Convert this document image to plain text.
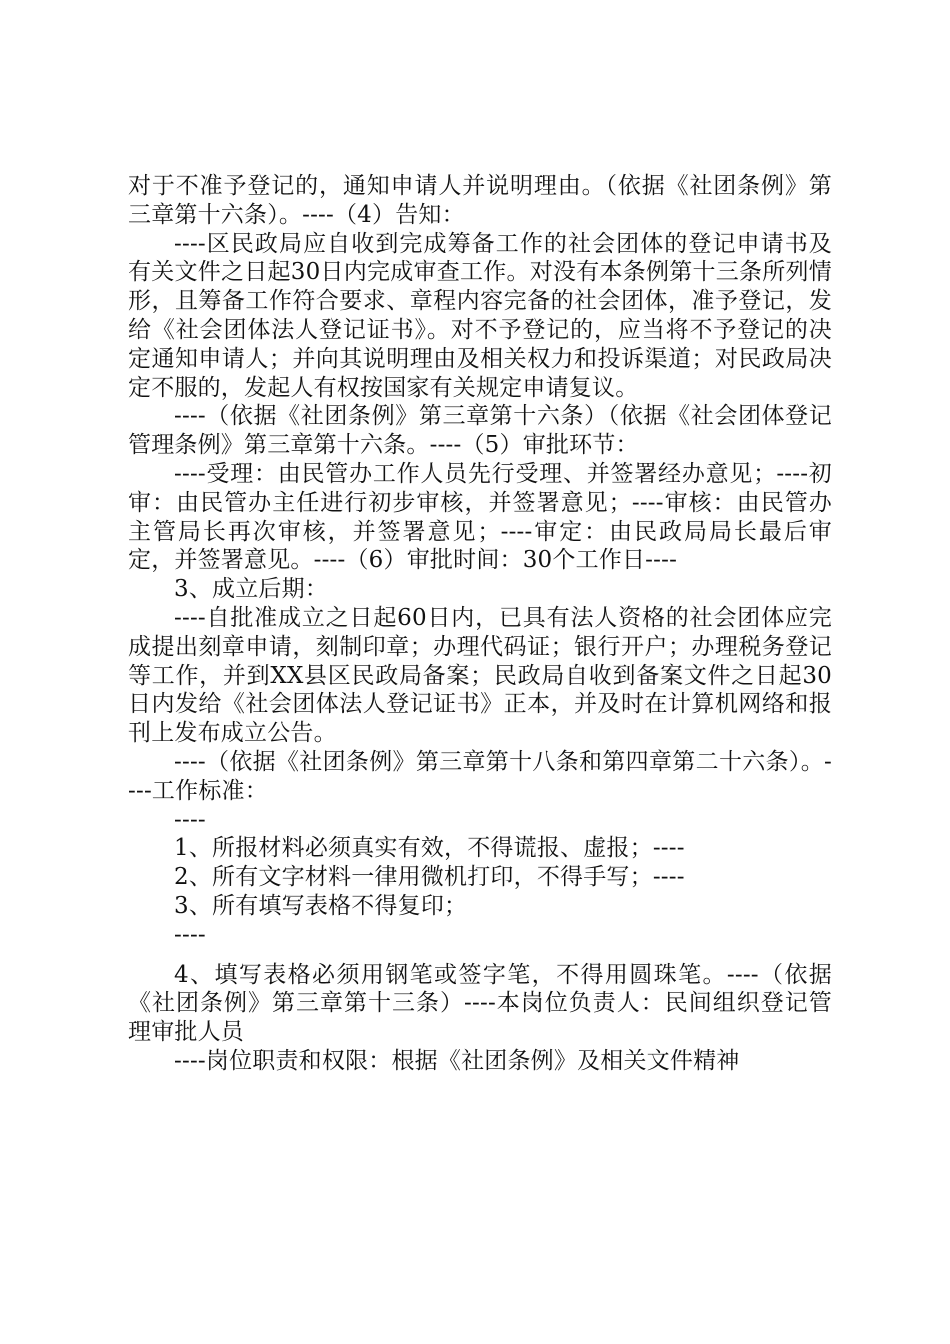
对于不准予登记的，通知申请人并说明理由。（依据《社团条例》第三章第十六条）。----（4）告知：

----区民政局应自收到完成筹备工作的社会团体的登记申请书及有关文件之日起30日内完成审查工作。对没有本条例第十三条所列情形，且筹备工作符合要求、章程内容完备的社会团体，准予登记，发给《社会团体法人登记证书》。对不予登记的，应当将不予登记的决定通知申请人；并向其说明理由及相关权力和投诉渠道；对民政局决定不服的，发起人有权按国家有关规定申请复议。

----（依据《社团条例》第三章第十六条）（依据《社会团体登记管理条例》第三章第十六条。----（5）审批环节：

----受理：由民管办工作人员先行受理、并签署经办意见；----初审：由民管办主任进行初步审核，并签署意见；----审核：由民管办主管局长再次审核，并签署意见；----审定：由民政局局长最后审定，并签署意见。----（6）审批时间：30个工作日----

3、成立后期：

----自批准成立之日起60日内，已具有法人资格的社会团体应完成提出刻章申请，刻制印章；办理代码证；银行开户；办理税务登记等工作，并到XX县区民政局备案；民政局自收到备案文件之日起30日内发给《社会团体法人登记证书》正本，并及时在计算机网络和报刊上发布成立公告。

----（依据《社团条例》第三章第十八条和第四章第二十六条）。----工作标准：

----

1、所报材料必须真实有效，不得谎报、虚报；----

2、所有文字材料一律用微机打印，不得手写；----

3、所有填写表格不得复印；

----

4、填写表格必须用钢笔或签字笔，不得用圆珠笔。----（依据《社团条例》第三章第十三条）----本岗位负责人：民间组织登记管理审批人员

----岗位职责和权限：根据《社团条例》及相关文件精神
